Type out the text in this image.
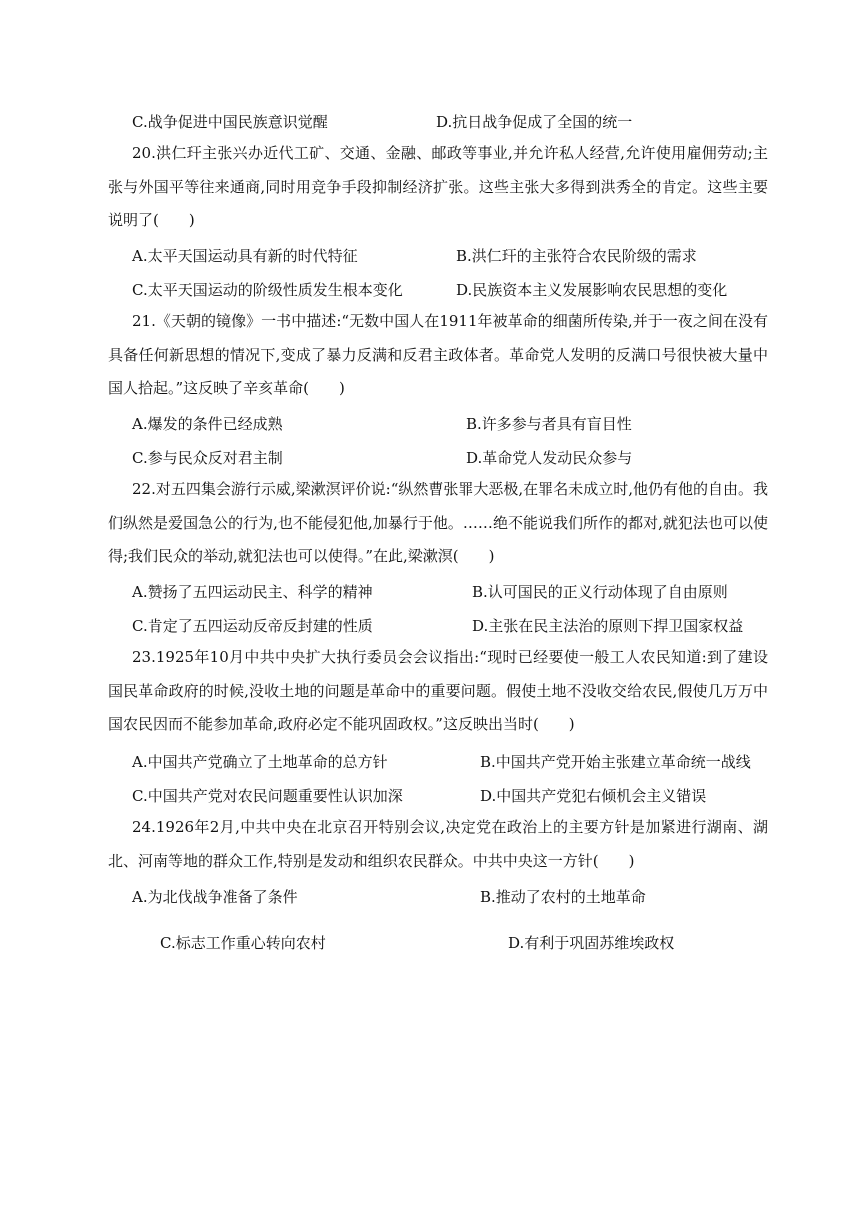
C.战争促进中国民族意识觉醒	D.抗日战争促成了全国的统一
20.洪仁玕主张兴办近代工矿、交通、金融、邮政等事业,并允许私人经营,允许使用雇佣劳动;主张与外国平等往来通商,同时用竞争手段抑制经济扩张。这些主张大多得到洪秀全的肯定。这些主要说明了(　　)
A.太平天国运动具有新的时代特征	B.洪仁玕的主张符合农民阶级的需求
C.太平天国运动的阶级性质发生根本变化	D.民族资本主义发展影响农民思想的变化
21.《天朝的镜像》一书中描述:“无数中国人在1911年被革命的细菌所传染,并于一夜之间在没有具备任何新思想的情况下,变成了暴力反满和反君主政体者。革命党人发明的反满口号很快被大量中国人拾起。”这反映了辛亥革命(　　)
A.爆发的条件已经成熟	B.许多参与者具有盲目性
C.参与民众反对君主制	D.革命党人发动民众参与
22.对五四集会游行示威,梁漱溟评价说:“纵然曹张罪大恶极,在罪名未成立时,他仍有他的自由。我们纵然是爱国急公的行为,也不能侵犯他,加暴行于他。……绝不能说我们所作的都对,就犯法也可以使得;我们民众的举动,就犯法也可以使得。”在此,梁漱溟(　　)
A.赞扬了五四运动民主、科学的精神	B.认可国民的正义行动体现了自由原则
C.肯定了五四运动反帝反封建的性质	D.主张在民主法治的原则下捍卫国家权益
23.1925年10月中共中央扩大执行委员会会议指出:“现时已经要使一般工人农民知道:到了建设国民革命政府的时候,没收土地的问题是革命中的重要问题。假使土地不没收交给农民,假使几万万中国农民因而不能参加革命,政府必定不能巩固政权。”这反映出当时(　　)
A.中国共产党确立了土地革命的总方针	B.中国共产党开始主张建立革命统一战线
C.中国共产党对农民问题重要性认识加深	D.中国共产党犯右倾机会主义错误
24.1926年2月,中共中央在北京召开特别会议,决定党在政治上的主要方针是加紧进行湖南、湖北、河南等地的群众工作,特别是发动和组织农民群众。中共中央这一方针(　　)
A.为北伐战争准备了条件	B.推动了农村的土地革命
C.标志工作重心转向农村	D.有利于巩固苏维埃政权
